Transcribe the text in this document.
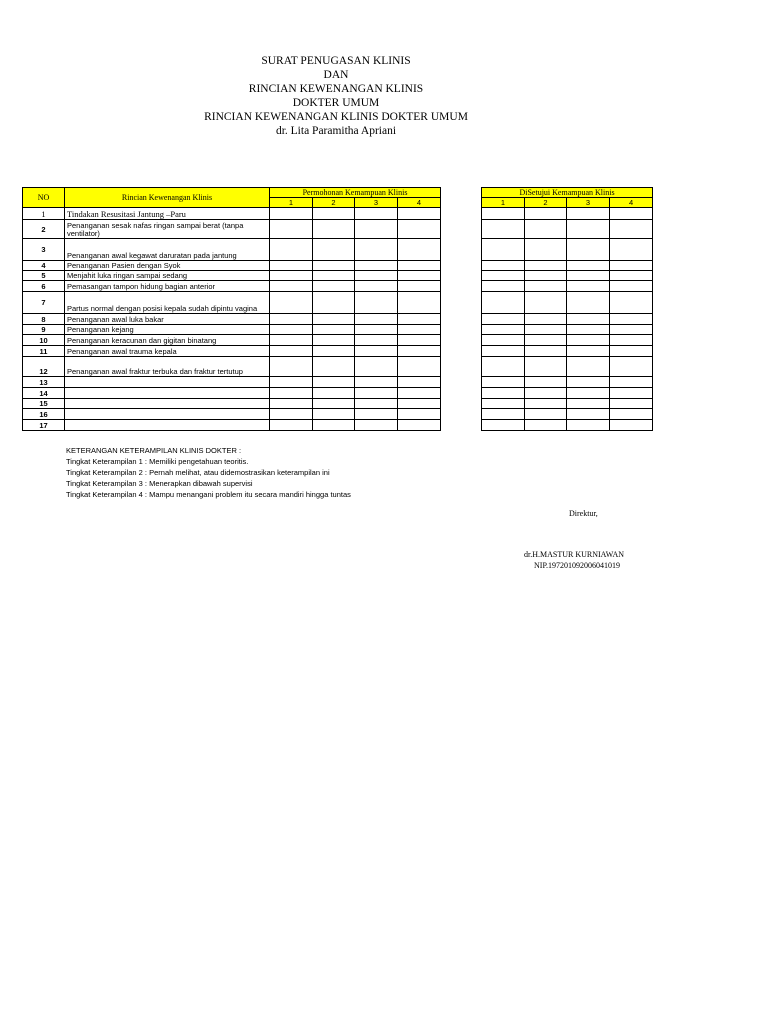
SURAT PENUGASAN KLINIS
DAN
RINCIAN KEWENANGAN KLINIS
DOKTER UMUM
RINCIAN KEWENANGAN KLINIS DOKTER UMUM
dr. Lita Paramitha Apriani
NO	Rincian Kewenangan Klinis	Permohonan Kemampuan Klinis			
		1	2	3	4
1	Tindakan Resusitasi Jantung –Paru				
2	Penanganan sesak nafas ringan sampai berat (tanpa ventilator)				
3	Penanganan awal kegawat daruratan pada jantung				
4	Penanganan Pasien dengan Syok				
5	Menjahit luka ringan sampai sedang				
6	Pemasangan tampon hidung bagian anterior				
7	Partus normal dengan posisi kepala sudah dipintu vagina				
8	Penanganan awal luka bakar				
9	Penanganan kejang				
10	Penanganan keracunan dan gigitan binatang				
11	Penanganan awal trauma kepala				
12	Penanganan awal fraktur terbuka dan fraktur tertutup				
13					
14					
15					
16					
17					
DiSetujui Kemampuan Klinis			
1	2	3	4

KETERANGAN KETERAMPILAN KLINIS DOKTER :
Tingkat Keterampilan 1 : Memiliki pengetahuan teoritis.
Tingkat Keterampilan 2 : Pernah melihat, atau didemostrasikan keterampilan ini
Tingkat Keterampilan 3 : Menerapkan dibawah supervisi
Tingkat Keterampilan 4 : Mampu menangani problem itu secara mandiri hingga tuntas
Direktur,
dr.H.MASTUR KURNIAWAN
NIP.197201092006041019
